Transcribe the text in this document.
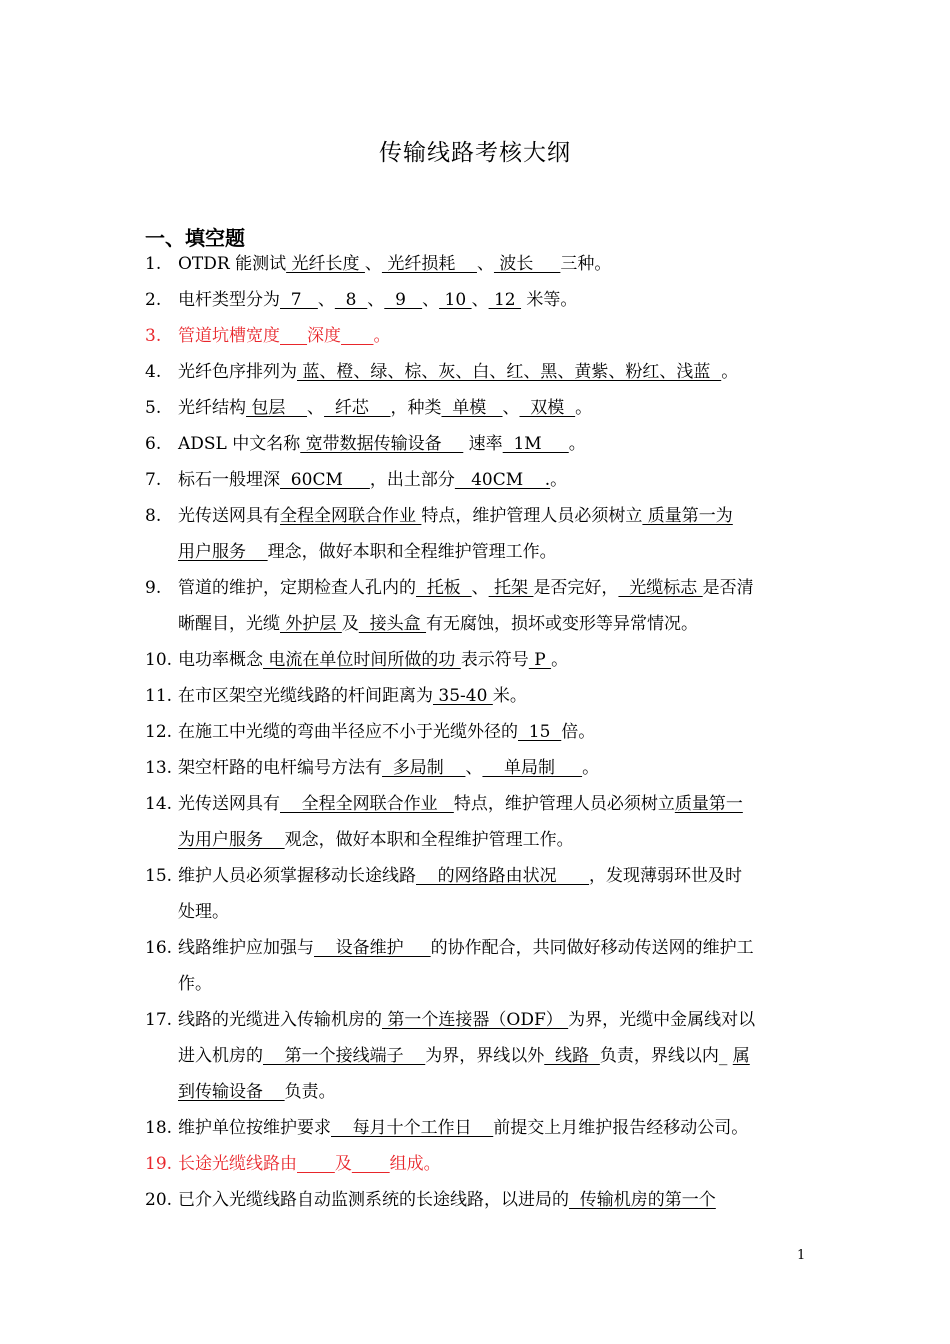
传输线路考核大纲
一、填空题
1. OTDR 能测试 光纤长度 、 光纤损耗    、 波长     三种。
2. 电杆类型分为  7   、  8  、  9   、 10 、 12  米等。
3. 管道坑槽宽度 深度 。
4. 光纤色序排列为 蓝、橙、绿、棕、灰、白、红、黑、黄紫、粉红、浅蓝  。
5. 光纤结构 包层    、  纤芯    ，种类  单模   、  双模  。
6. ADSL 中文名称 宽带数据传输设备     速率  1M     。
7. 标石一般埋深  60CM     ，出土部分   40CM    .。
8. 光传送网具有全程全网联合作业 特点，维护管理人员必须树立 质量第一为
用户服务    理念，做好本职和全程维护管理工作。
9. 管道的维护，定期检查人孔内的  托板  、 托架 是否完好，  光缆标志 是否清
晰醒目，光缆 外护层 及  接头盒 有无腐蚀，损坏或变形等异常情况。
10. 电功率概念 电流在单位时间所做的功 表示符号 P 。
11. 在市区架空光缆线路的杆间距离为 35-40 米。
12. 在施工中光缆的弯曲半径应不小于光缆外径的  15  倍。
13. 架空杆路的电杆编号方法有  多局制    、    单局制     。
14. 光传送网具有    全程全网联合作业   特点，维护管理人员必须树立质量第一
为用户服务    观念，做好本职和全程维护管理工作。
15. 维护人员必须掌握移动长途线路    的网络路由状况      ，发现薄弱环世及时
处理。
16. 线路维护应加强与    设备维护     的协作配合，共同做好移动传送网的维护工
作。
17. 线路的光缆进入传输机房的 第一个连接器（ODF） 为界，光缆中金属线对以
进入机房的    第一个接线端子    为界，界线以外  线路  负责，界线以内_ 属
到传输设备    负责。
18. 维护单位按维护要求    每月十个工作日    前提交上月维护报告经移动公司。
19. 长途光缆线路由 及 组成。
20. 已介入光缆线路自动监测系统的长途线路，以进局的  传输机房的第一个
1
